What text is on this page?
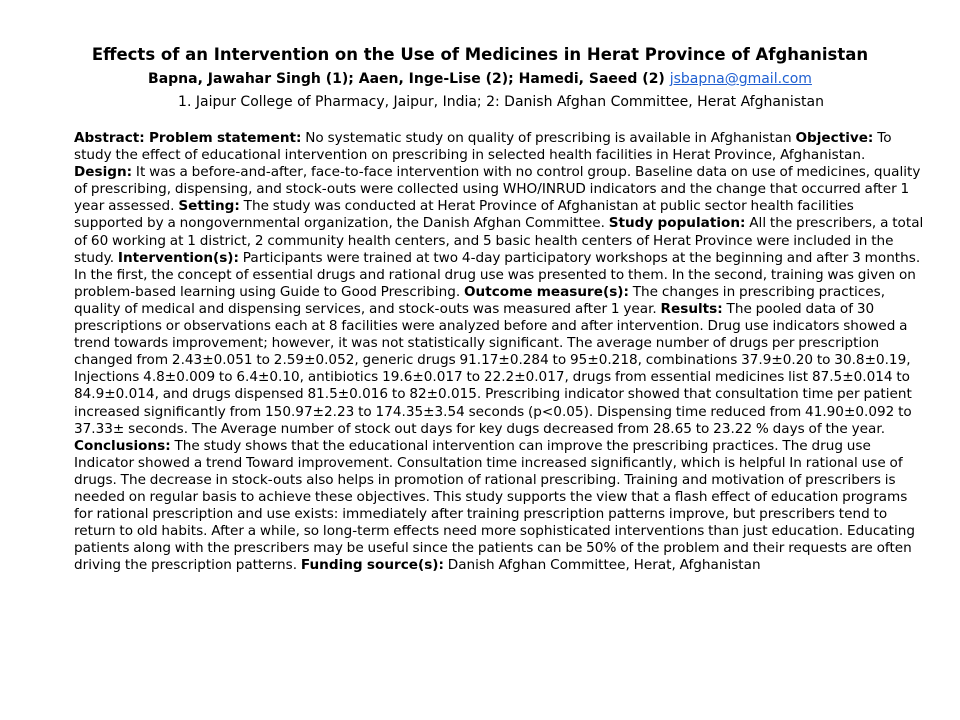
Effects of an Intervention on the Use of Medicines in Herat Province of Afghanistan
Bapna, Jawahar Singh (1); Aaen, Inge-Lise (2); Hamedi, Saeed (2) jsbapna@gmail.com
1. Jaipur College of Pharmacy, Jaipur, India; 2: Danish Afghan Committee, Herat Afghanistan
Abstract: Problem statement: No systematic study on quality of prescribing is available in Afghanistan Objective: To study the effect of educational intervention on prescribing in selected health facilities in Herat Province, Afghanistan. Design: It was a before-and-after, face-to-face intervention with no control group. Baseline data on use of medicines, quality of prescribing, dispensing, and stock-outs were collected using WHO/INRUD indicators and the change that occurred after 1 year assessed. Setting: The study was conducted at Herat Province of Afghanistan at public sector health facilities supported by a nongovernmental organization, the Danish Afghan Committee. Study population: All the prescribers, a total of 60 working at 1 district, 2 community health centers, and 5 basic health centers of Herat Province were included in the study. Intervention(s): Participants were trained at two 4-day participatory workshops at the beginning and after 3 months. In the first, the concept of essential drugs and rational drug use was presented to them. In the second, training was given on problem-based learning using Guide to Good Prescribing. Outcome measure(s): The changes in prescribing practices, quality of medical and dispensing services, and stock-outs was measured after 1 year. Results: The pooled data of 30 prescriptions or observations each at 8 facilities were analyzed before and after intervention. Drug use indicators showed a trend towards improvement; however, it was not statistically significant. The average number of drugs per prescription changed from 2.43±0.051 to 2.59±0.052, generic drugs 91.17±0.284 to 95±0.218, combinations 37.9±0.20 to 30.8±0.19, Injections 4.8±0.009 to 6.4±0.10, antibiotics 19.6±0.017 to 22.2±0.017, drugs from essential medicines list 87.5±0.014 to 84.9±0.014, and drugs dispensed 81.5±0.016 to 82±0.015. Prescribing indicator showed that consultation time per patient increased significantly from 150.97±2.23 to 174.35±3.54 seconds (p<0.05). Dispensing time reduced from 41.90±0.092 to 37.33± seconds. The Average number of stock out days for key dugs decreased from 28.65 to 23.22 % days of the year. Conclusions: The study shows that the educational intervention can improve the prescribing practices. The drug use Indicator showed a trend Toward improvement. Consultation time increased significantly, which is helpful In rational use of drugs. The decrease in stock-outs also helps in promotion of rational prescribing. Training and motivation of prescribers is needed on regular basis to achieve these objectives. This study supports the view that a flash effect of education programs for rational prescription and use exists: immediately after training prescription patterns improve, but prescribers tend to return to old habits. After a while, so long-term effects need more sophisticated interventions than just education. Educating patients along with the prescribers may be useful since the patients can be 50% of the problem and their requests are often driving the prescription patterns. Funding source(s): Danish Afghan Committee, Herat, Afghanistan
